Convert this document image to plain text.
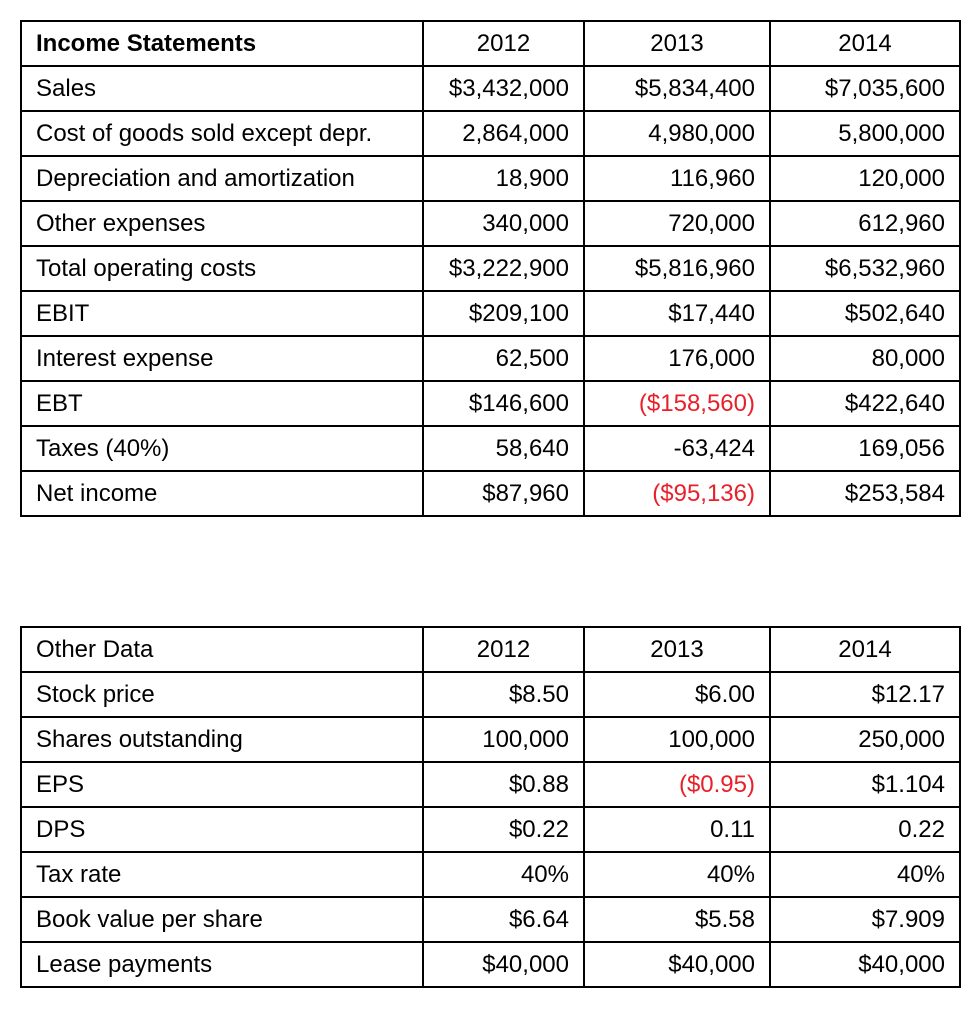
Income Statements	2012	2013	2014
Sales	$3,432,000	$5,834,400	$7,035,600
Cost of goods sold except depr.	2,864,000	4,980,000	5,800,000
Depreciation and amortization	18,900	116,960	120,000
Other expenses	340,000	720,000	612,960
Total operating costs	$3,222,900	$5,816,960	$6,532,960
EBIT	$209,100	$17,440	$502,640
Interest expense	62,500	176,000	80,000
EBT	$146,600	($158,560)	$422,640
Taxes (40%)	58,640	-63,424	169,056
Net income	$87,960	($95,136)	$253,584
Other Data	2012	2013	2014
Stock price	$8.50	$6.00	$12.17
Shares outstanding	100,000	100,000	250,000
EPS	$0.88	($0.95)	$1.104
DPS	$0.22	0.11	0.22
Tax rate	40%	40%	40%
Book value per share	$6.64	$5.58	$7.909
Lease payments	$40,000	$40,000	$40,000
